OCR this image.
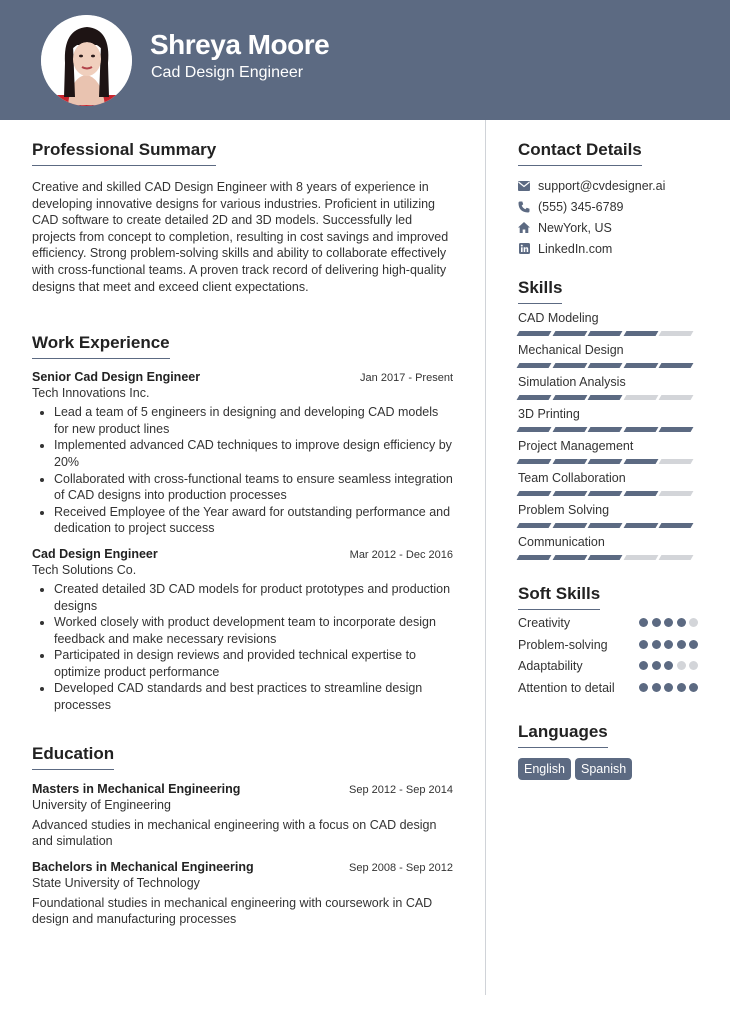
Shreya Moore
Cad Design Engineer
Professional Summary

Creative and skilled CAD Design Engineer with 8 years of experience in developing innovative designs for various industries. Proficient in utilizing CAD software to create detailed 2D and 3D models. Successfully led projects from concept to completion, resulting in cost savings and improved efficiency. Strong problem-solving skills and ability to collaborate effectively with cross-functional teams. A proven track record of delivering high-quality designs that meet and exceed client expectations.

Work Experience
Senior Cad Design Engineer	Jan 2017 - Present
Tech Innovations Inc.
• Lead a team of 5 engineers in designing and developing CAD models for new product lines
• Implemented advanced CAD techniques to improve design efficiency by 20%
• Collaborated with cross-functional teams to ensure seamless integration of CAD designs into production processes
• Received Employee of the Year award for outstanding performance and dedication to project success
Cad Design Engineer	Mar 2012 - Dec 2016
Tech Solutions Co.
• Created detailed 3D CAD models for product prototypes and production designs
• Worked closely with product development team to incorporate design feedback and make necessary revisions
• Participated in design reviews and provided technical expertise to optimize product performance
• Developed CAD standards and best practices to streamline design processes
Education
Masters in Mechanical Engineering	Sep 2012 - Sep 2014
University of Engineering
Advanced studies in mechanical engineering with a focus on CAD design and simulation
Bachelors in Mechanical Engineering	Sep 2008 - Sep 2012
State University of Technology
Foundational studies in mechanical engineering with coursework in CAD design and manufacturing processes
Contact Details
support@cvdesigner.ai
(555) 345-6789
NewYork, US
LinkedIn.com
Skills
CAD Modeling
Mechanical Design
Simulation Analysis
3D Printing
Project Management
Team Collaboration
Problem Solving
Communication
Soft Skills
Creativity
Problem-solving
Adaptability
Attention to detail
Languages
English	Spanish
